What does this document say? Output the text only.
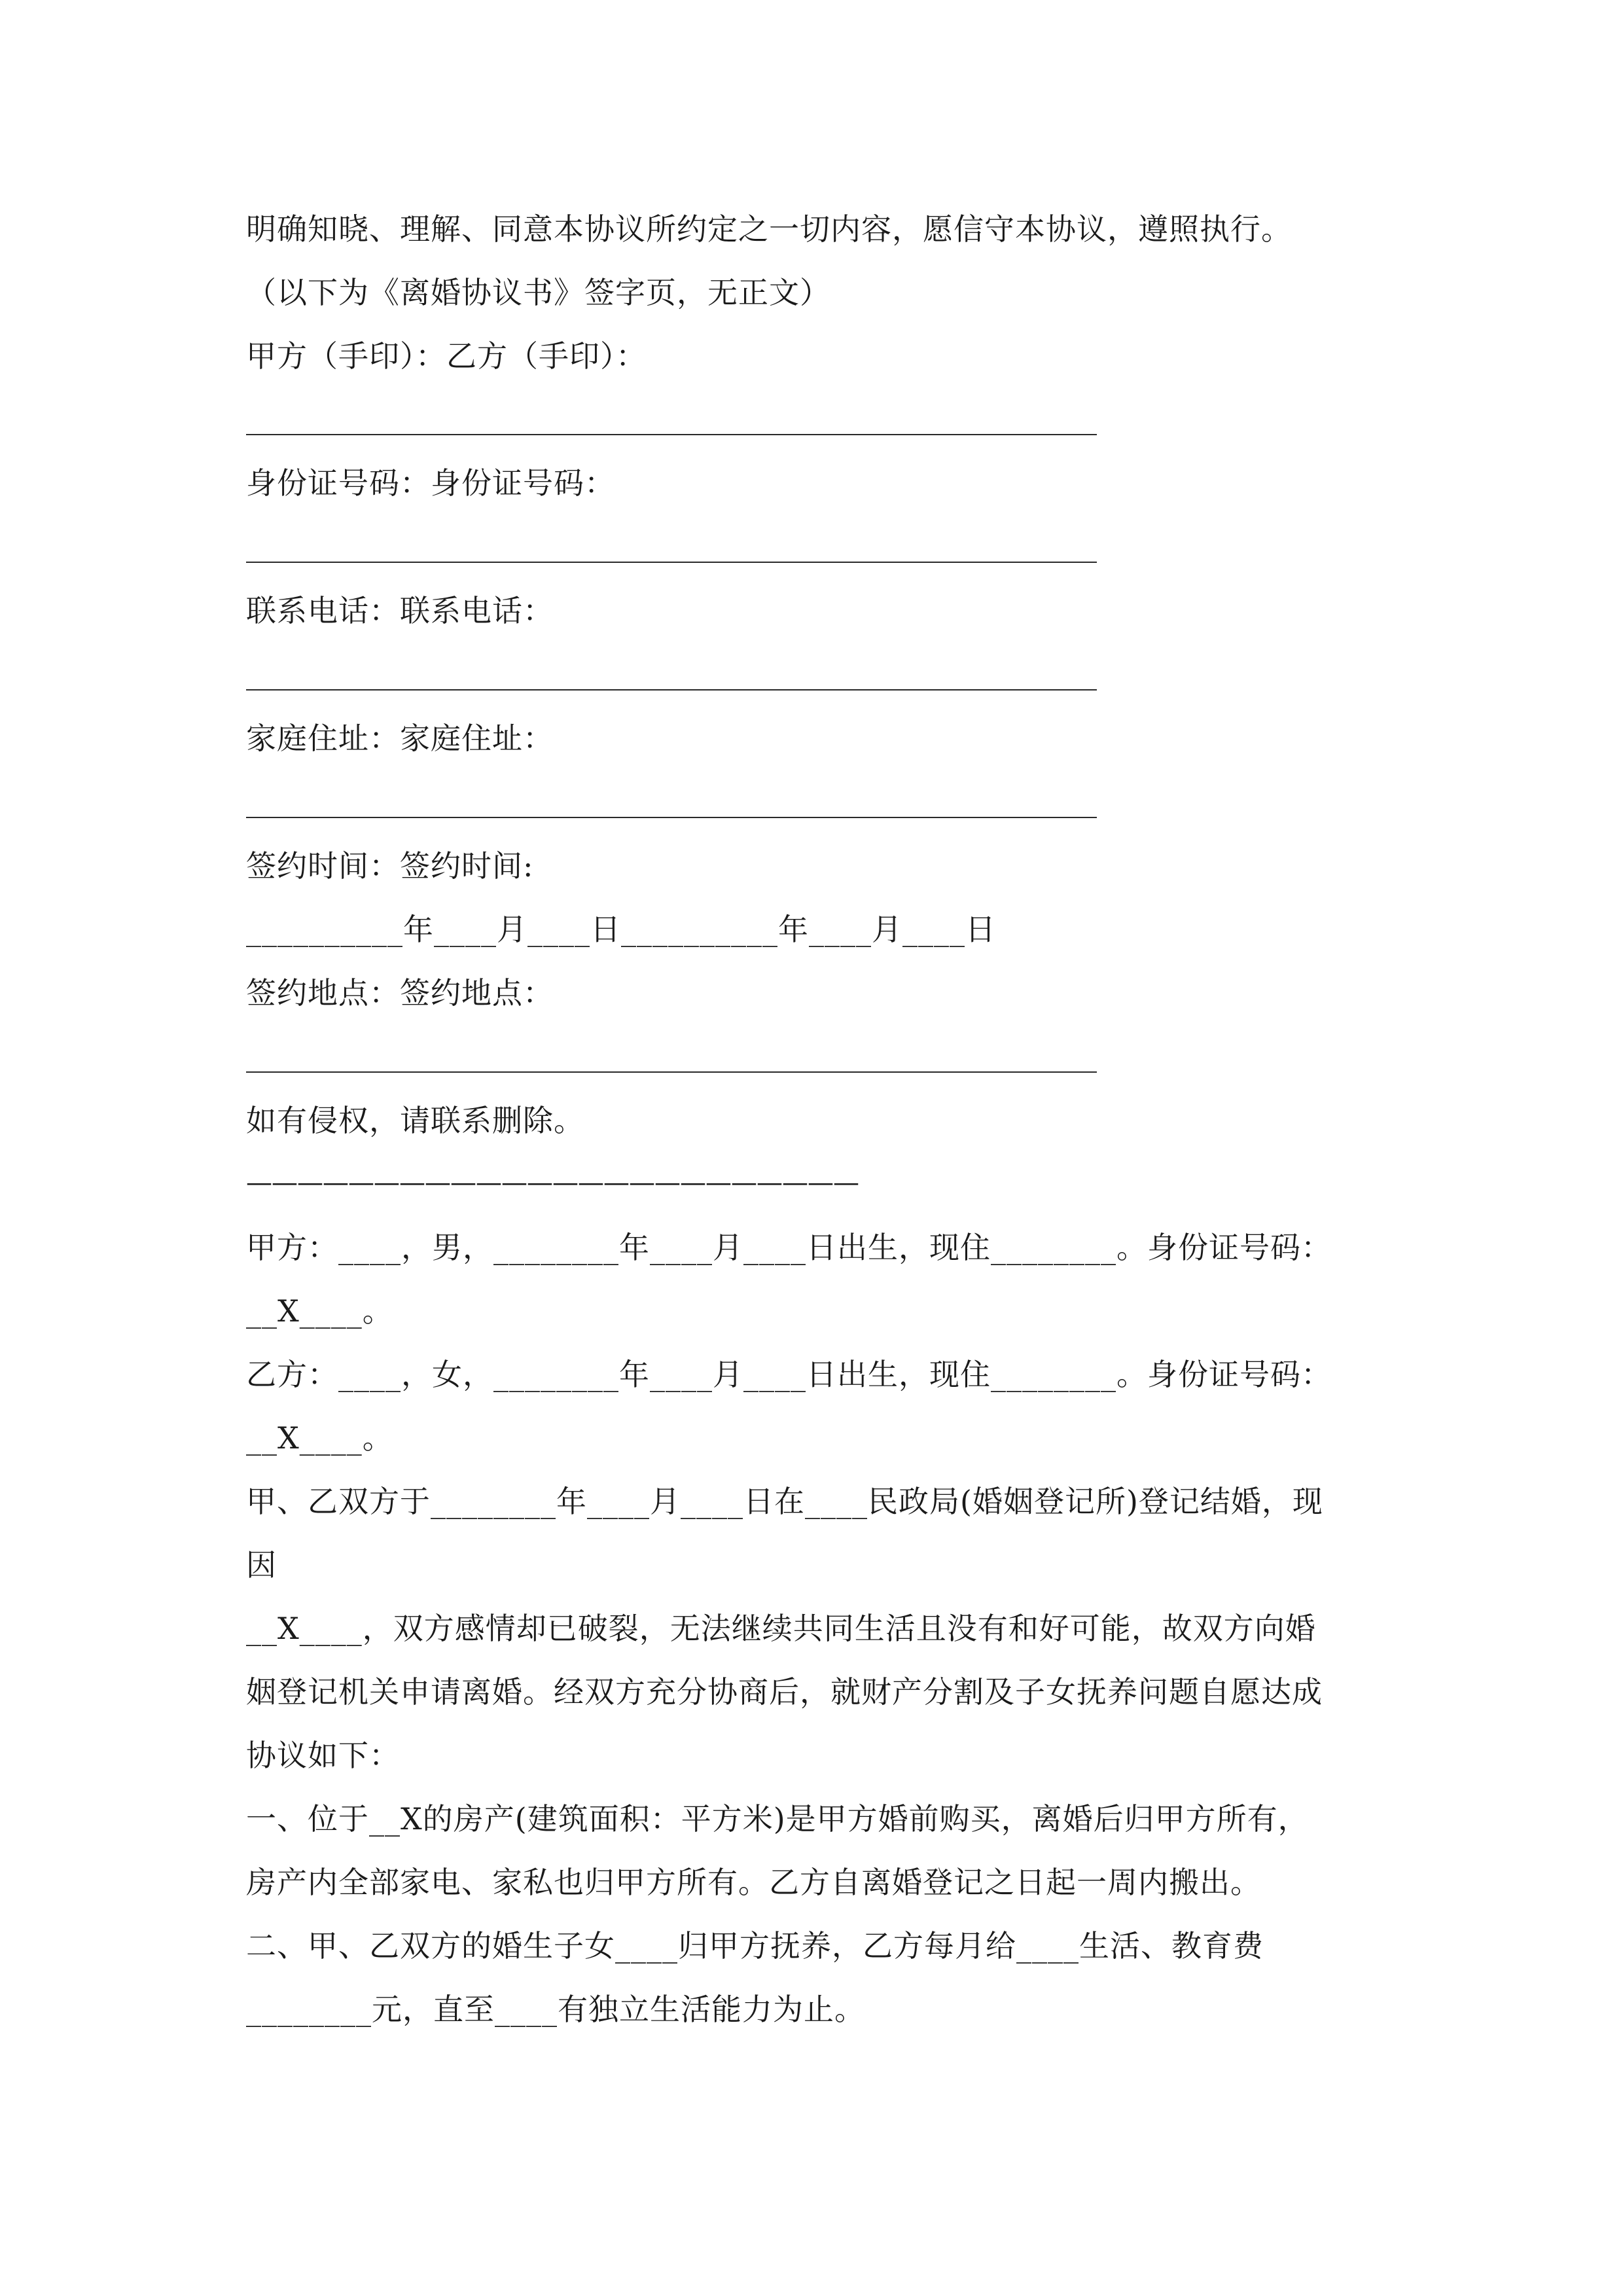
明确知晓、理解、同意本协议所约定之一切内容，愿信守本协议，遵照执行。
（以下为《离婚协议书》签字页，无正文）
甲方（手印）：乙方（手印）：
身份证号码：身份证号码：
联系电话：联系电话：
家庭住址：家庭住址：
签约时间：签约时间:
__________年____月____日__________年____月____日
签约地点：签约地点：
如有侵权，请联系删除。
————————————————————————
甲方：____，男，________年____月____日出生，现住________。身份证号码：
__X____。
乙方：____，女，________年____月____日出生，现住________。身份证号码：
__X____。
甲、乙双方于________年____月____日在____民政局(婚姻登记所)登记结婚，现
因
__X____，双方感情却已破裂，无法继续共同生活且没有和好可能，故双方向婚
姻登记机关申请离婚。经双方充分协商后，就财产分割及子女抚养问题自愿达成
协议如下：
一、位于__X的房产(建筑面积：平方米)是甲方婚前购买，离婚后归甲方所有，
房产内全部家电、家私也归甲方所有。乙方自离婚登记之日起一周内搬出。
二、甲、乙双方的婚生子女____归甲方抚养，乙方每月给____生活、教育费
________元，直至____有独立生活能力为止。
